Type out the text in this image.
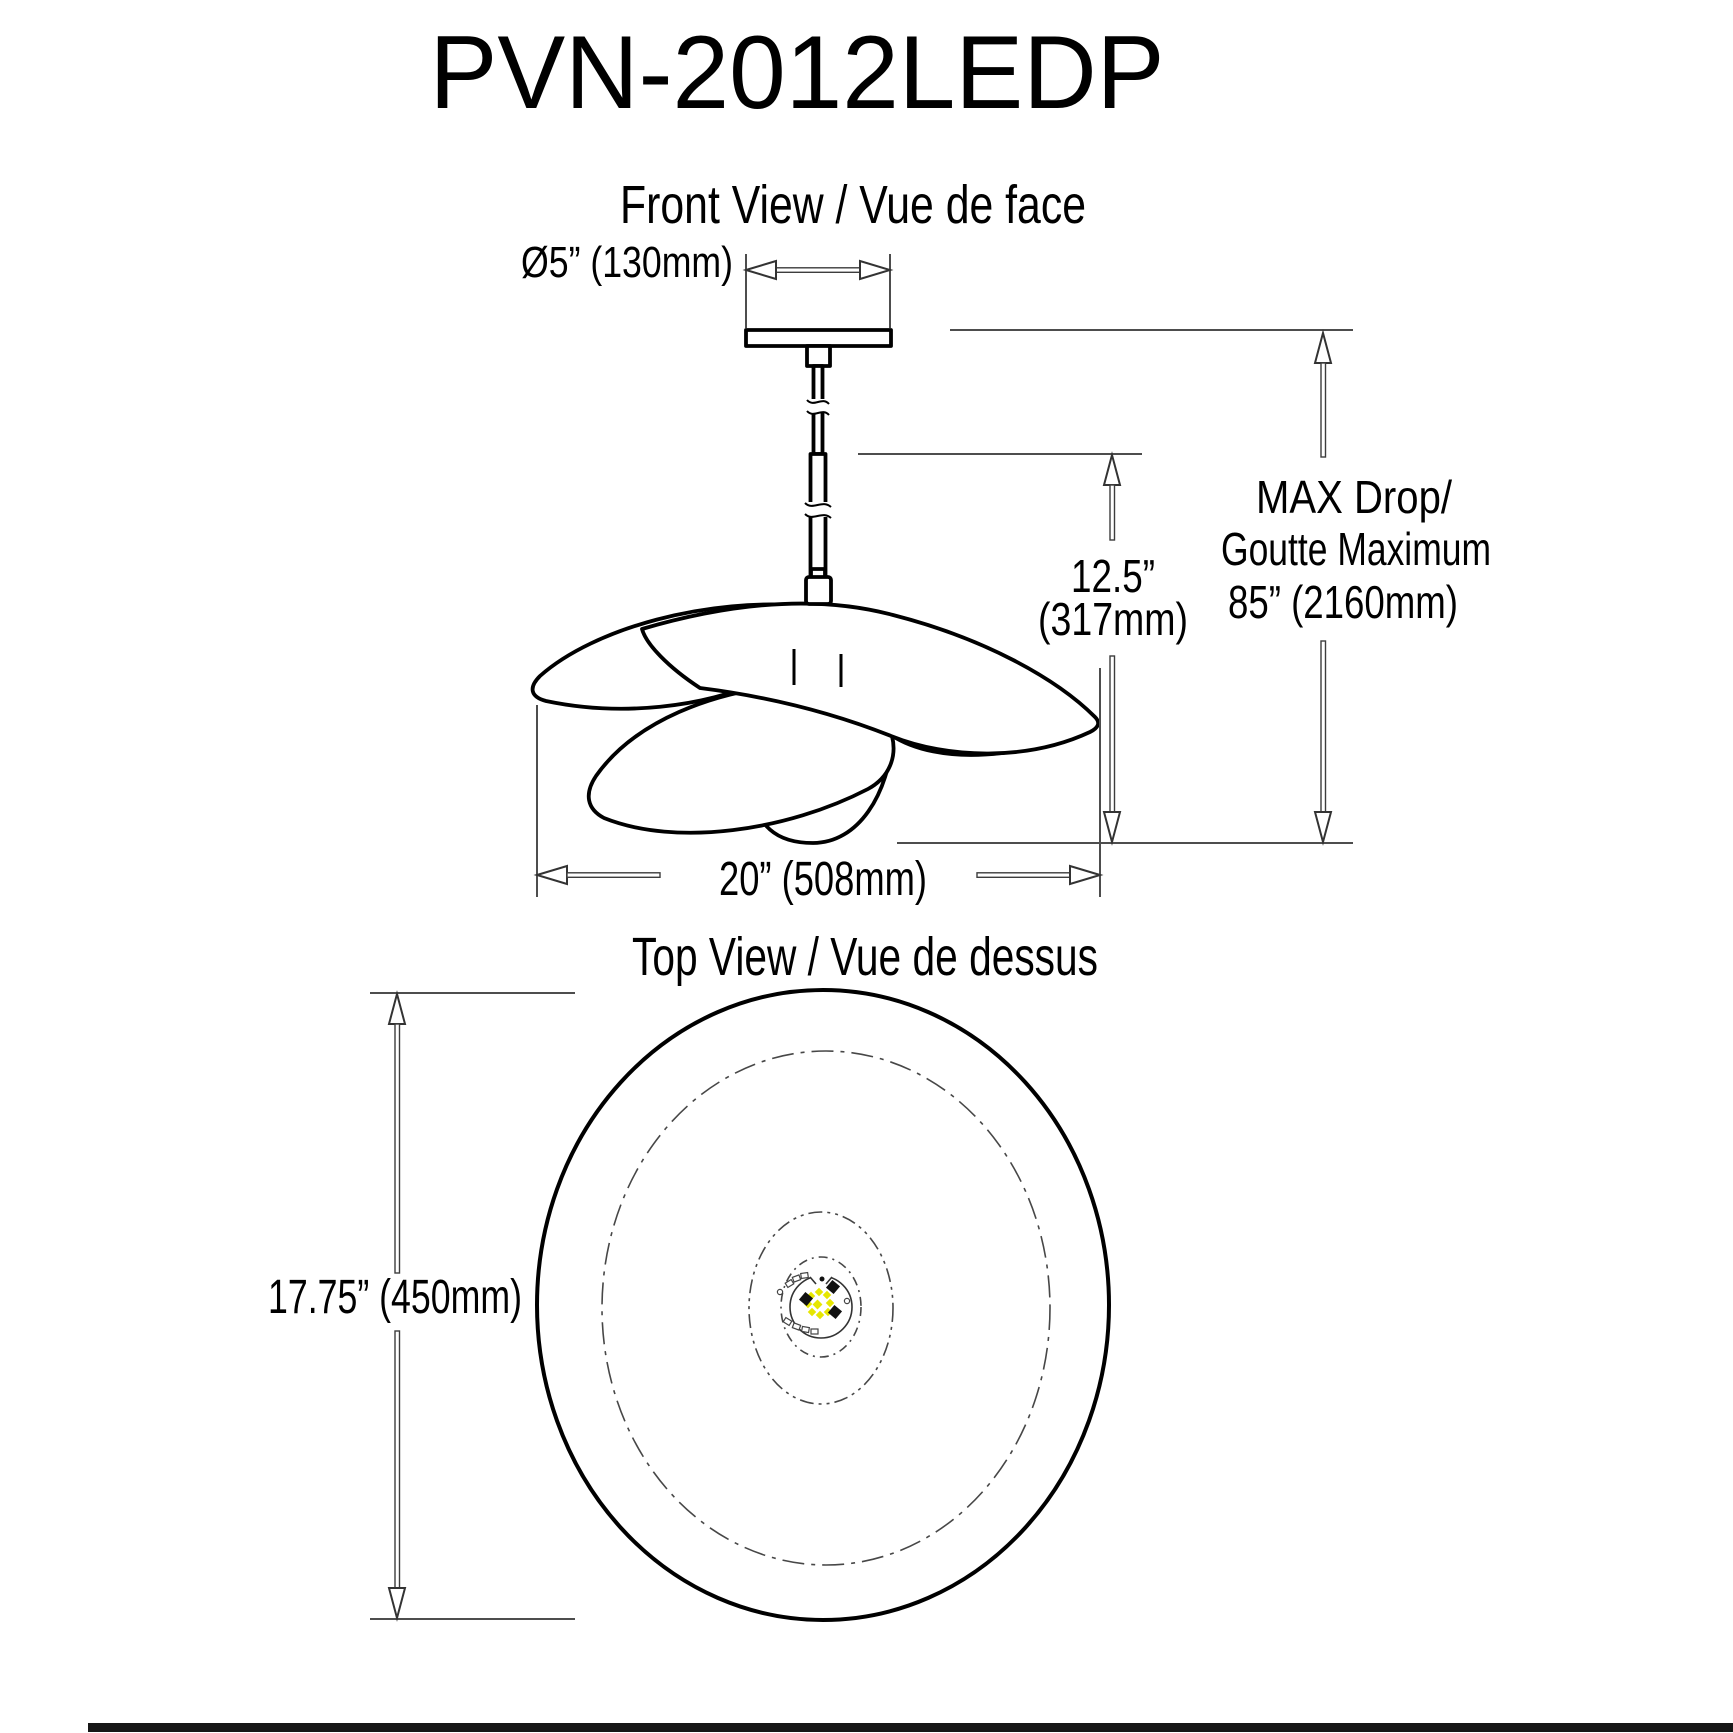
PVN-2012LEDP
Front View / Vue de face
Ø5” (130mm)
12.5”
(317mm)
MAX Drop/
Goutte Maximum
85” (2160mm)
20” (508mm)
Top View / Vue de dessus
17.75” (450mm)
